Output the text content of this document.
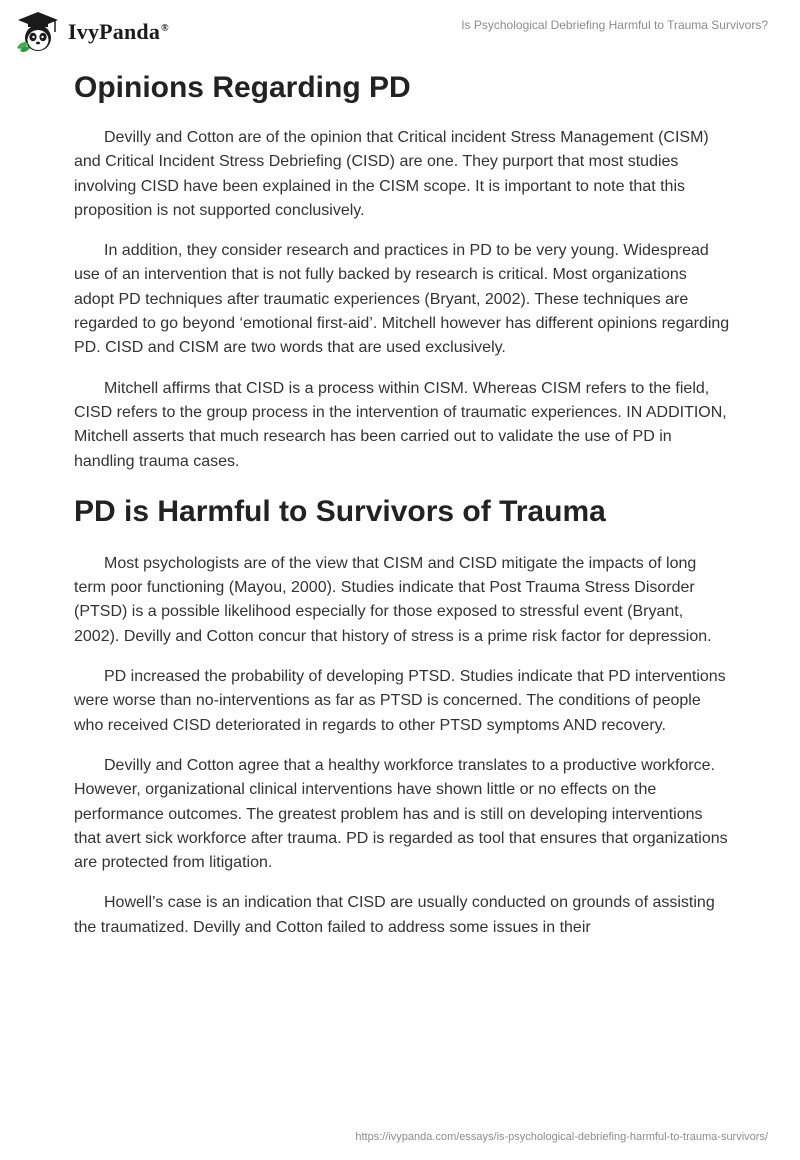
IvyPanda®	Is Psychological Debriefing Harmful to Trauma Survivors?
Opinions Regarding PD

Devilly and Cotton are of the opinion that Critical incident Stress Management (CISM) and Critical Incident Stress Debriefing (CISD) are one. They purport that most studies involving CISD have been explained in the CISM scope. It is important to note that this proposition is not supported conclusively.

In addition, they consider research and practices in PD to be very young. Widespread use of an intervention that is not fully backed by research is critical. Most organizations adopt PD techniques after traumatic experiences (Bryant, 2002). These techniques are regarded to go beyond ‘emotional first-aid’. Mitchell however has different opinions regarding PD. CISD and CISM are two words that are used exclusively.

Mitchell affirms that CISD is a process within CISM. Whereas CISM refers to the field, CISD refers to the group process in the intervention of traumatic experiences. IN ADDITION, Mitchell asserts that much research has been carried out to validate the use of PD in handling trauma cases.

PD is Harmful to Survivors of Trauma

Most psychologists are of the view that CISM and CISD mitigate the impacts of long term poor functioning (Mayou, 2000). Studies indicate that Post Trauma Stress Disorder (PTSD) is a possible likelihood especially for those exposed to stressful event (Bryant, 2002). Devilly and Cotton concur that history of stress is a prime risk factor for depression.

PD increased the probability of developing PTSD. Studies indicate that PD interventions were worse than no-interventions as far as PTSD is concerned. The conditions of people who received CISD deteriorated in regards to other PTSD symptoms AND recovery.

Devilly and Cotton agree that a healthy workforce translates to a productive workforce. However, organizational clinical interventions have shown little or no effects on the performance outcomes. The greatest problem has and is still on developing interventions that avert sick workforce after trauma. PD is regarded as tool that ensures that organizations are protected from litigation.

Howell’s case is an indication that CISD are usually conducted on grounds of assisting the traumatized. Devilly and Cotton failed to address some issues in their

https://ivypanda.com/essays/is-psychological-debriefing-harmful-to-trauma-survivors/
